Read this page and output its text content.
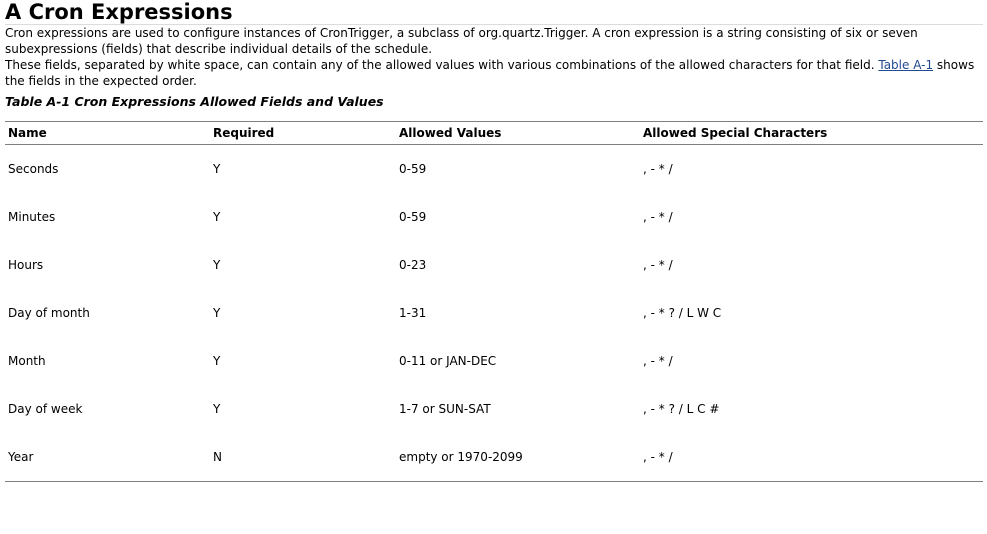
A Cron Expressions

Cron expressions are used to configure instances of CronTrigger, a subclass of org.quartz.Trigger. A cron expression is a string consisting of six or seven subexpressions (fields) that describe individual details of the schedule.

These fields, separated by white space, can contain any of the allowed values with various combinations of the allowed characters for that field. Table A-1 shows the fields in the expected order.

Table A-1 Cron Expressions Allowed Fields and Values
Name	Required	Allowed Values	Allowed Special Characters
Seconds	Y	0-59	, - * /
Minutes	Y	0-59	, - * /
Hours	Y	0-23	, - * /
Day of month	Y	1-31	, - * ? / L W C
Month	Y	0-11 or JAN-DEC	, - * /
Day of week	Y	1-7 or SUN-SAT	, - * ? / L C #
Year	N	empty or 1970-2099	, - * /
